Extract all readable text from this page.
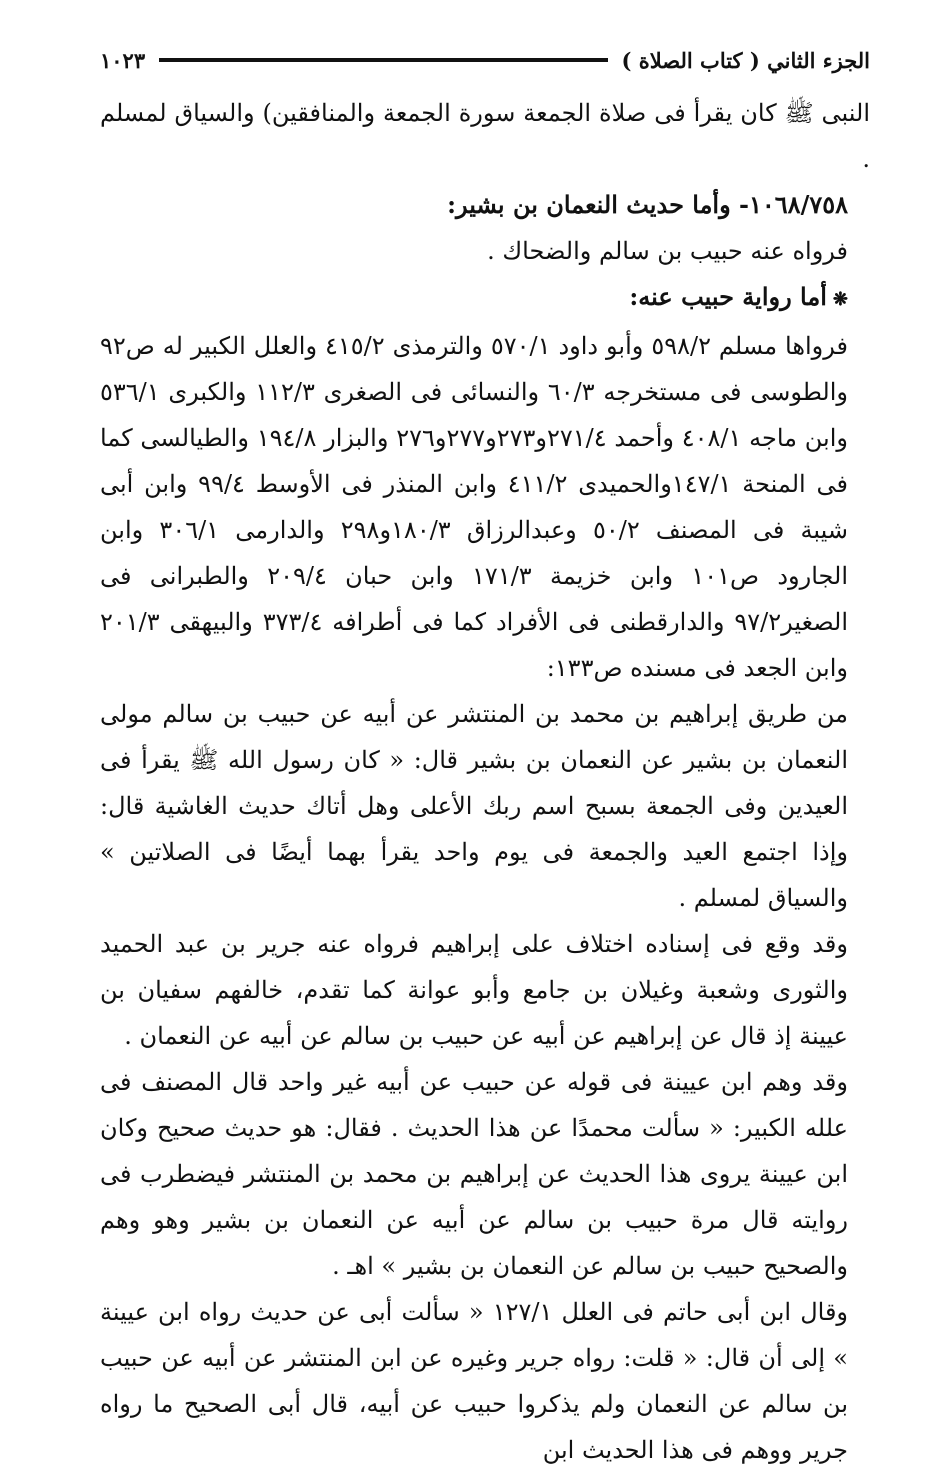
الجزء الثاني ( كتاب الصلاة )
١٠٢٣

النبى ﷺ كان يقرأ فى صلاة الجمعة سورة الجمعة والمنافقين) والسياق لمسلم .

١٠٦٨/٧٥٨- وأما حديث النعمان بن بشير:

فرواه عنه حبيب بن سالم والضحاك .

❋أما رواية حبيب عنه:

فرواها مسلم ٥٩٨/٢ وأبو داود ٥٧٠/١ والترمذى ٤١٥/٢ والعلل الكبير له ص٩٢ والطوسى فى مستخرجه ٦٠/٣ والنسائى فى الصغرى ١١٢/٣ والكبرى ٥٣٦/١ وابن ماجه ٤٠٨/١ وأحمد ٢٧١/٤و٢٧٣و٢٧٧و٢٧٦ والبزار ١٩٤/٨ والطيالسى كما فى المنحة ١٤٧/١والحميدى ٤١١/٢ وابن المنذر فى الأوسط ٩٩/٤ وابن أبى شيبة فى المصنف ٥٠/٢ وعبدالرزاق ١٨٠/٣و٢٩٨ والدارمى ٣٠٦/١ وابن الجارود ص١٠١ وابن خزيمة ١٧١/٣ وابن حبان ٢٠٩/٤ والطبرانى فى الصغير٩٧/٢ والدارقطنى فى الأفراد كما فى أطرافه ٣٧٣/٤ والبيهقى ٢٠١/٣ وابن الجعد فى مسنده ص١٣٣:

من طريق إبراهيم بن محمد بن المنتشر عن أبيه عن حبيب بن سالم مولى النعمان بن بشير عن النعمان بن بشير قال: « كان رسول الله ﷺ يقرأ فى العيدين وفى الجمعة بسبح اسم ربك الأعلى وهل أتاك حديث الغاشية قال: وإذا اجتمع العيد والجمعة فى يوم واحد يقرأ بهما أيضًا فى الصلاتين » والسياق لمسلم .

وقد وقع فى إسناده اختلاف على إبراهيم فرواه عنه جرير بن عبد الحميد والثورى وشعبة وغيلان بن جامع وأبو عوانة كما تقدم، خالفهم سفيان بن عيينة إذ قال عن إبراهيم عن أبيه عن حبيب بن سالم عن أبيه عن النعمان .

وقد وهم ابن عيينة فى قوله عن حبيب عن أبيه غير واحد قال المصنف فى علله الكبير: « سألت محمدًا عن هذا الحديث . فقال: هو حديث صحيح وكان ابن عيينة يروى هذا الحديث عن إبراهيم بن محمد بن المنتشر فيضطرب فى روايته قال مرة حبيب بن سالم عن أبيه عن النعمان بن بشير وهو وهم والصحيح حبيب بن سالم عن النعمان بن بشير » اهـ .

وقال ابن أبى حاتم فى العلل ١٢٧/١ « سألت أبى عن حديث رواه ابن عيينة » إلى أن قال: « قلت: رواه جرير وغيره عن ابن المنتشر عن أبيه عن حبيب بن سالم عن النعمان ولم يذكروا حبيب عن أبيه، قال أبى الصحيح ما رواه جرير ووهم فى هذا الحديث ابن
